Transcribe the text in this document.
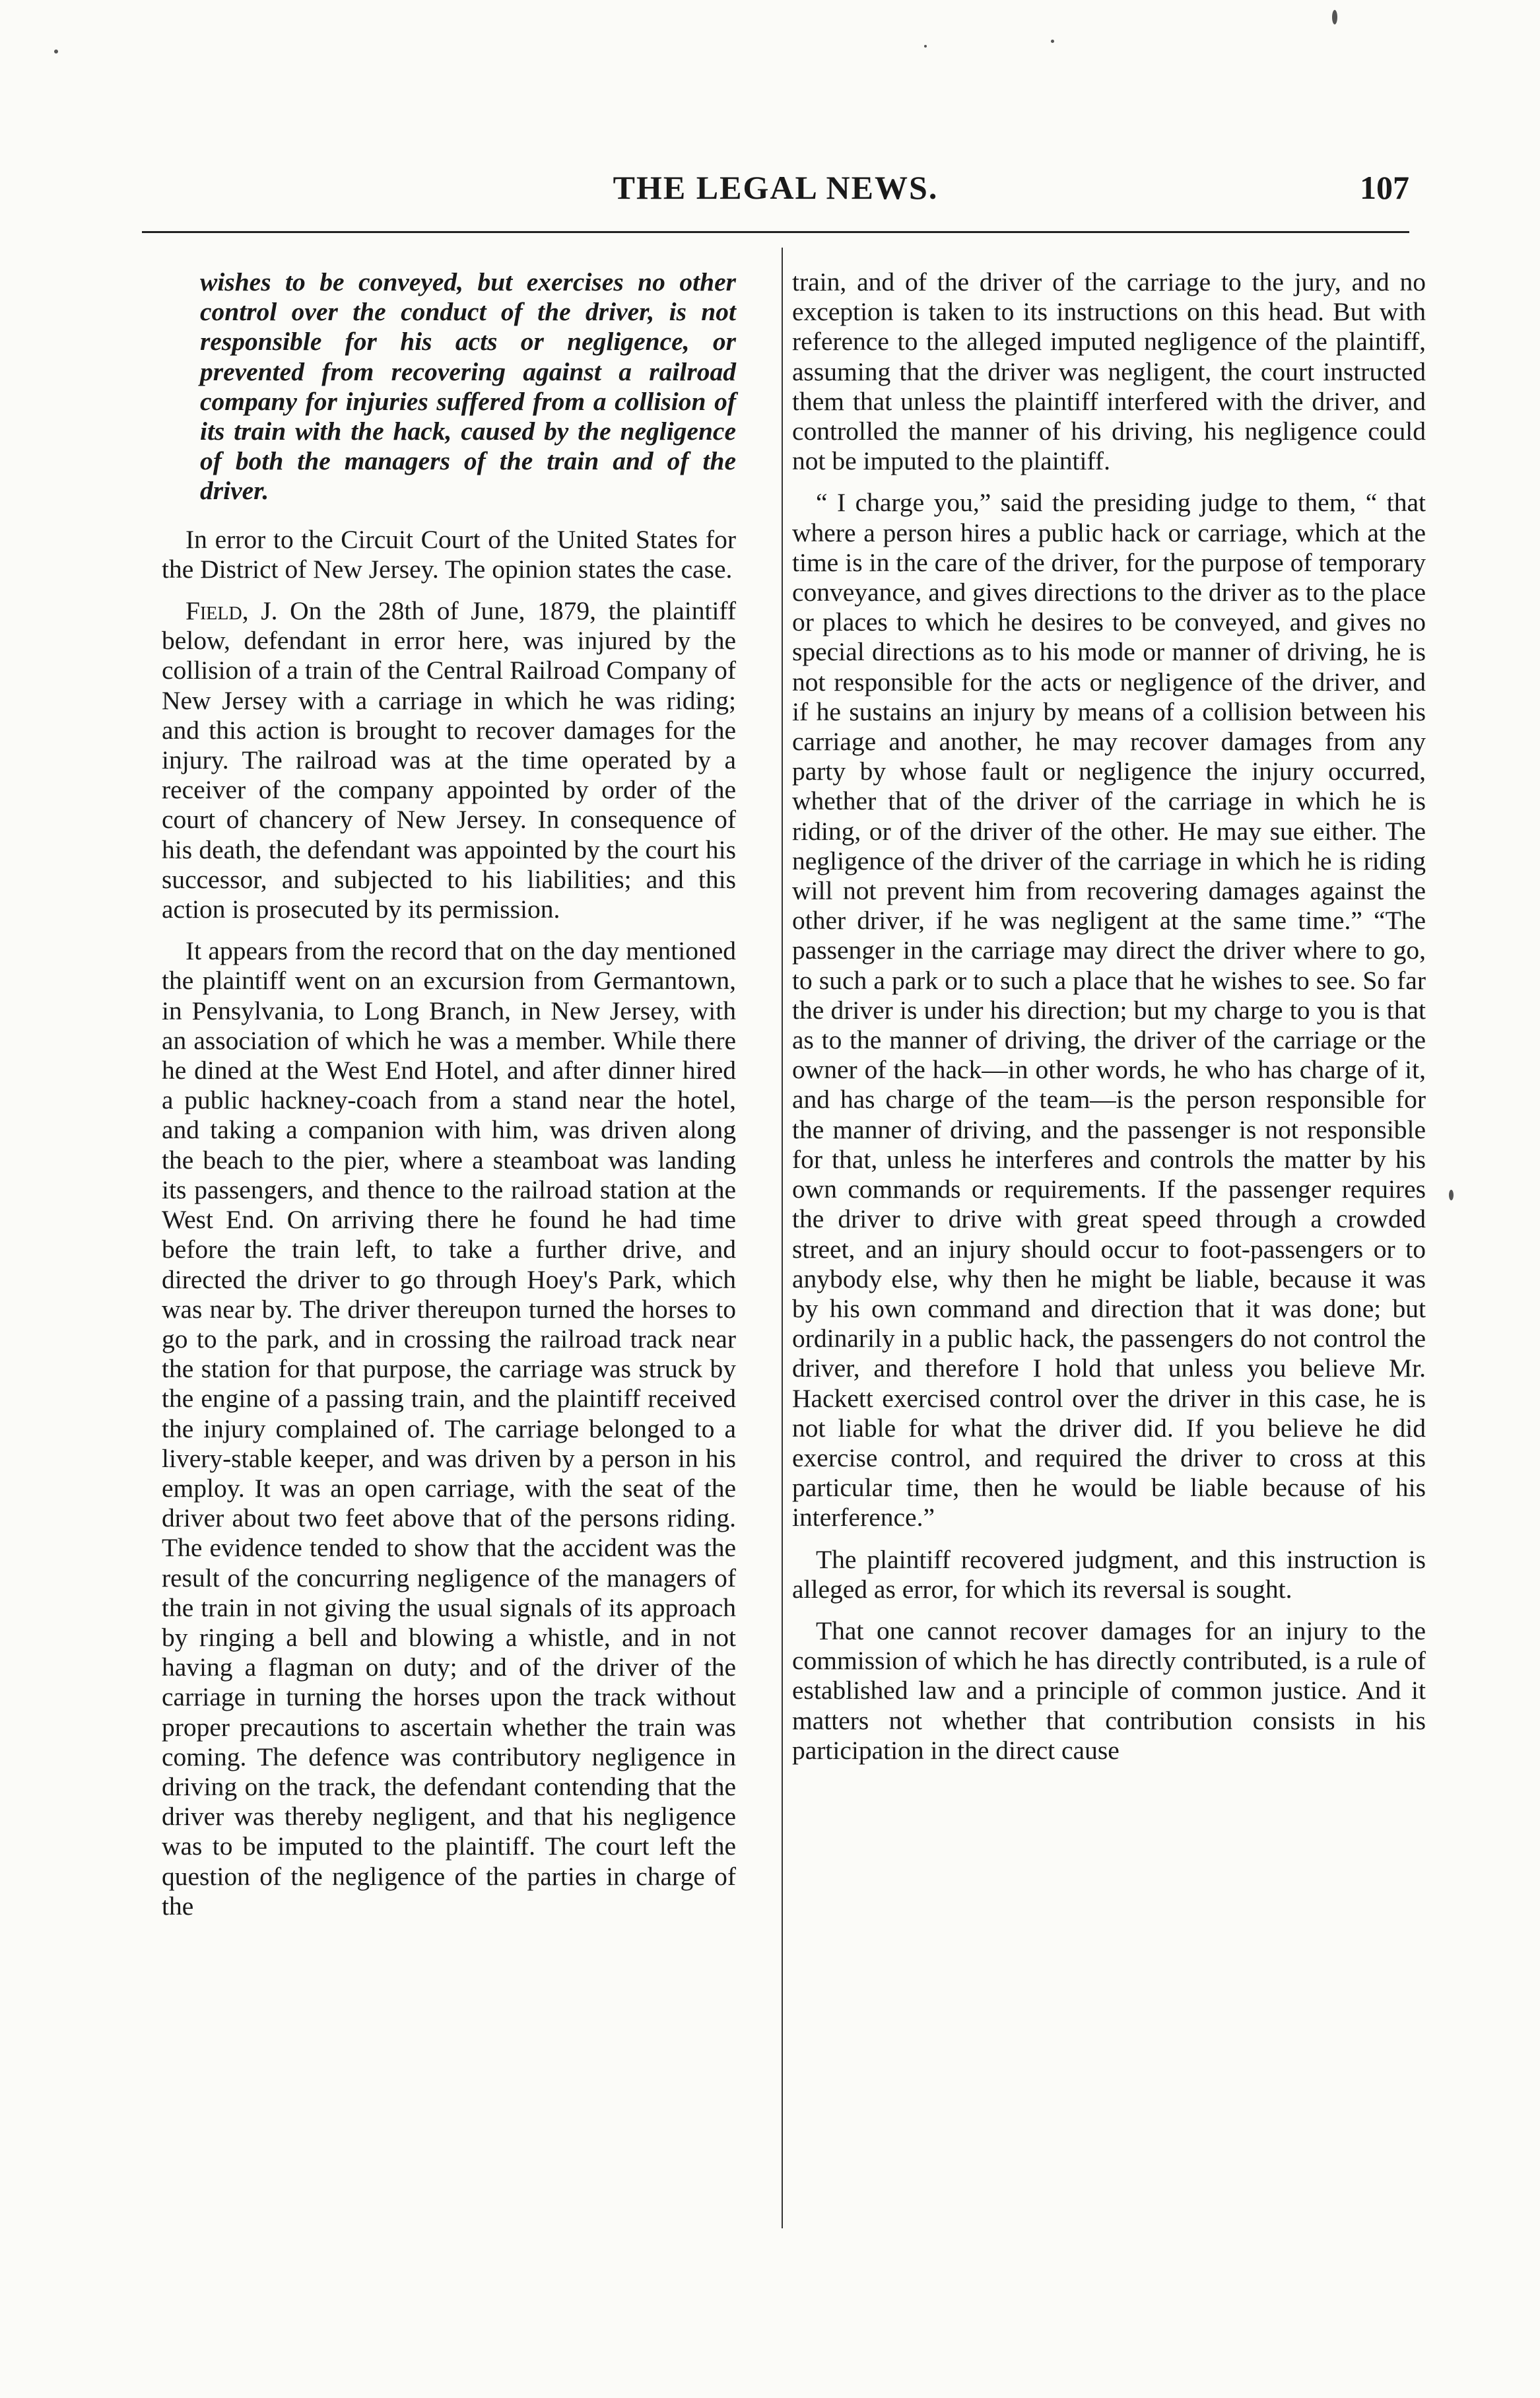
THE LEGAL NEWS.	107

wishes to be conveyed, but exercises no other control over the conduct of the driver, is not responsible for his acts or negligence, or prevented from recovering against a railroad company for injuries suffered from a collision of its train with the hack, caused by the negligence of both the managers of the train and of the driver.

In error to the Circuit Court of the United States for the District of New Jersey. The opinion states the case.

Field, J. On the 28th of June, 1879, the plaintiff below, defendant in error here, was injured by the collision of a train of the Central Railroad Company of New Jersey with a carriage in which he was riding; and this action is brought to recover damages for the injury. The railroad was at the time operated by a receiver of the company appointed by order of the court of chancery of New Jersey. In consequence of his death, the defendant was appointed by the court his successor, and subjected to his liabilities; and this action is prosecuted by its permission.

It appears from the record that on the day mentioned the plaintiff went on an excursion from Germantown, in Pensylvania, to Long Branch, in New Jersey, with an association of which he was a member. While there he dined at the West End Hotel, and after dinner hired a public hackney-coach from a stand near the hotel, and taking a companion with him, was driven along the beach to the pier, where a steamboat was landing its passengers, and thence to the railroad station at the West End. On arriving there he found he had time before the train left, to take a further drive, and directed the driver to go through Hoey's Park, which was near by. The driver thereupon turned the horses to go to the park, and in crossing the railroad track near the station for that purpose, the carriage was struck by the engine of a passing train, and the plaintiff received the injury complained of. The carriage belonged to a livery-stable keeper, and was driven by a person in his employ. It was an open carriage, with the seat of the driver about two feet above that of the persons riding. The evidence tended to show that the accident was the result of the concurring negligence of the managers of the train in not giving the usual signals of its approach by ringing a bell and blowing a whistle, and in not having a flagman on duty; and of the driver of the carriage in turning the horses upon the track without proper precautions to ascertain whether the train was coming. The defence was contributory negligence in driving on the track, the defendant contending that the driver was thereby negligent, and that his negligence was to be imputed to the plaintiff. The court left the question of the negligence of the parties in charge of the

train, and of the driver of the carriage to the jury, and no exception is taken to its instructions on this head. But with reference to the alleged imputed negligence of the plaintiff, assuming that the driver was negligent, the court instructed them that unless the plaintiff interfered with the driver, and controlled the manner of his driving, his negligence could not be imputed to the plaintiff.

“ I charge you,” said the presiding judge to them, “ that where a person hires a public hack or carriage, which at the time is in the care of the driver, for the purpose of temporary conveyance, and gives directions to the driver as to the place or places to which he desires to be conveyed, and gives no special directions as to his mode or manner of driving, he is not responsible for the acts or negligence of the driver, and if he sustains an injury by means of a collision between his carriage and another, he may recover damages from any party by whose fault or negligence the injury occurred, whether that of the driver of the carriage in which he is riding, or of the driver of the other. He may sue either. The negligence of the driver of the carriage in which he is riding will not prevent him from recovering damages against the other driver, if he was negligent at the same time.” “The passenger in the carriage may direct the driver where to go, to such a park or to such a place that he wishes to see. So far the driver is under his direction; but my charge to you is that as to the manner of driving, the driver of the carriage or the owner of the hack—in other words, he who has charge of it, and has charge of the team—is the person responsible for the manner of driving, and the passenger is not responsible for that, unless he interferes and controls the matter by his own commands or requirements. If the passenger requires the driver to drive with great speed through a crowded street, and an injury should occur to foot-passengers or to anybody else, why then he might be liable, because it was by his own command and direction that it was done; but ordinarily in a public hack, the passengers do not control the driver, and therefore I hold that unless you believe Mr. Hackett exercised control over the driver in this case, he is not liable for what the driver did. If you believe he did exercise control, and required the driver to cross at this particular time, then he would be liable because of his interference.”

The plaintiff recovered judgment, and this instruction is alleged as error, for which its reversal is sought.

That one cannot recover damages for an injury to the commission of which he has directly contributed, is a rule of established law and a principle of common justice. And it matters not whether that contribution consists in his participation in the direct cause
